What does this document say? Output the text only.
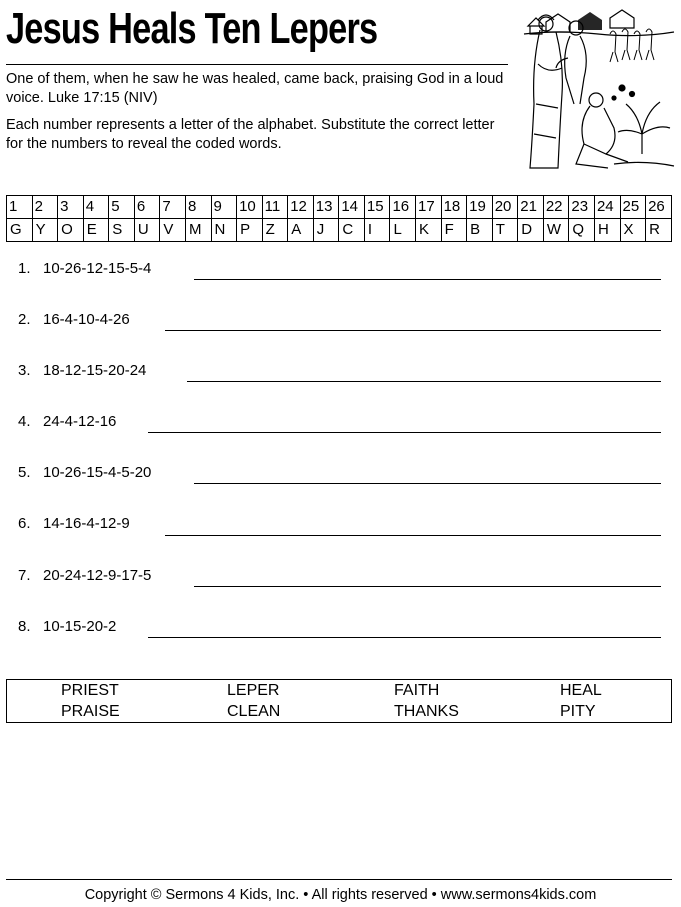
Jesus Heals Ten Lepers
One of them, when he saw he was healed, came back, praising God in a loud voice. Luke 17:15 (NIV)
Each number represents a letter of the alphabet. Substitute the correct letter for the numbers to reveal the coded words.
1	2	3	4	5	6	7	8	9	10	11	12	13	14	15	16	17	18	19	20	21	22	23	24	25	26
G	Y	O	E	S	U	V	M	N	P	Z	A	J	C	I	L	K	F	B	T	D	W	Q	H	X	R
1. 10-26-12-15-5-4
2. 16-4-10-4-26
3. 18-12-15-20-24
4. 24-4-12-16
5. 10-26-15-4-5-20
6. 14-16-4-12-9
7. 20-24-12-9-17-5
8. 10-15-20-2
PRIEST	LEPER	FAITH	HEAL
PRAISE	CLEAN	THANKS	PITY
Copyright © Sermons 4 Kids, Inc. • All rights reserved • www.sermons4kids.com
